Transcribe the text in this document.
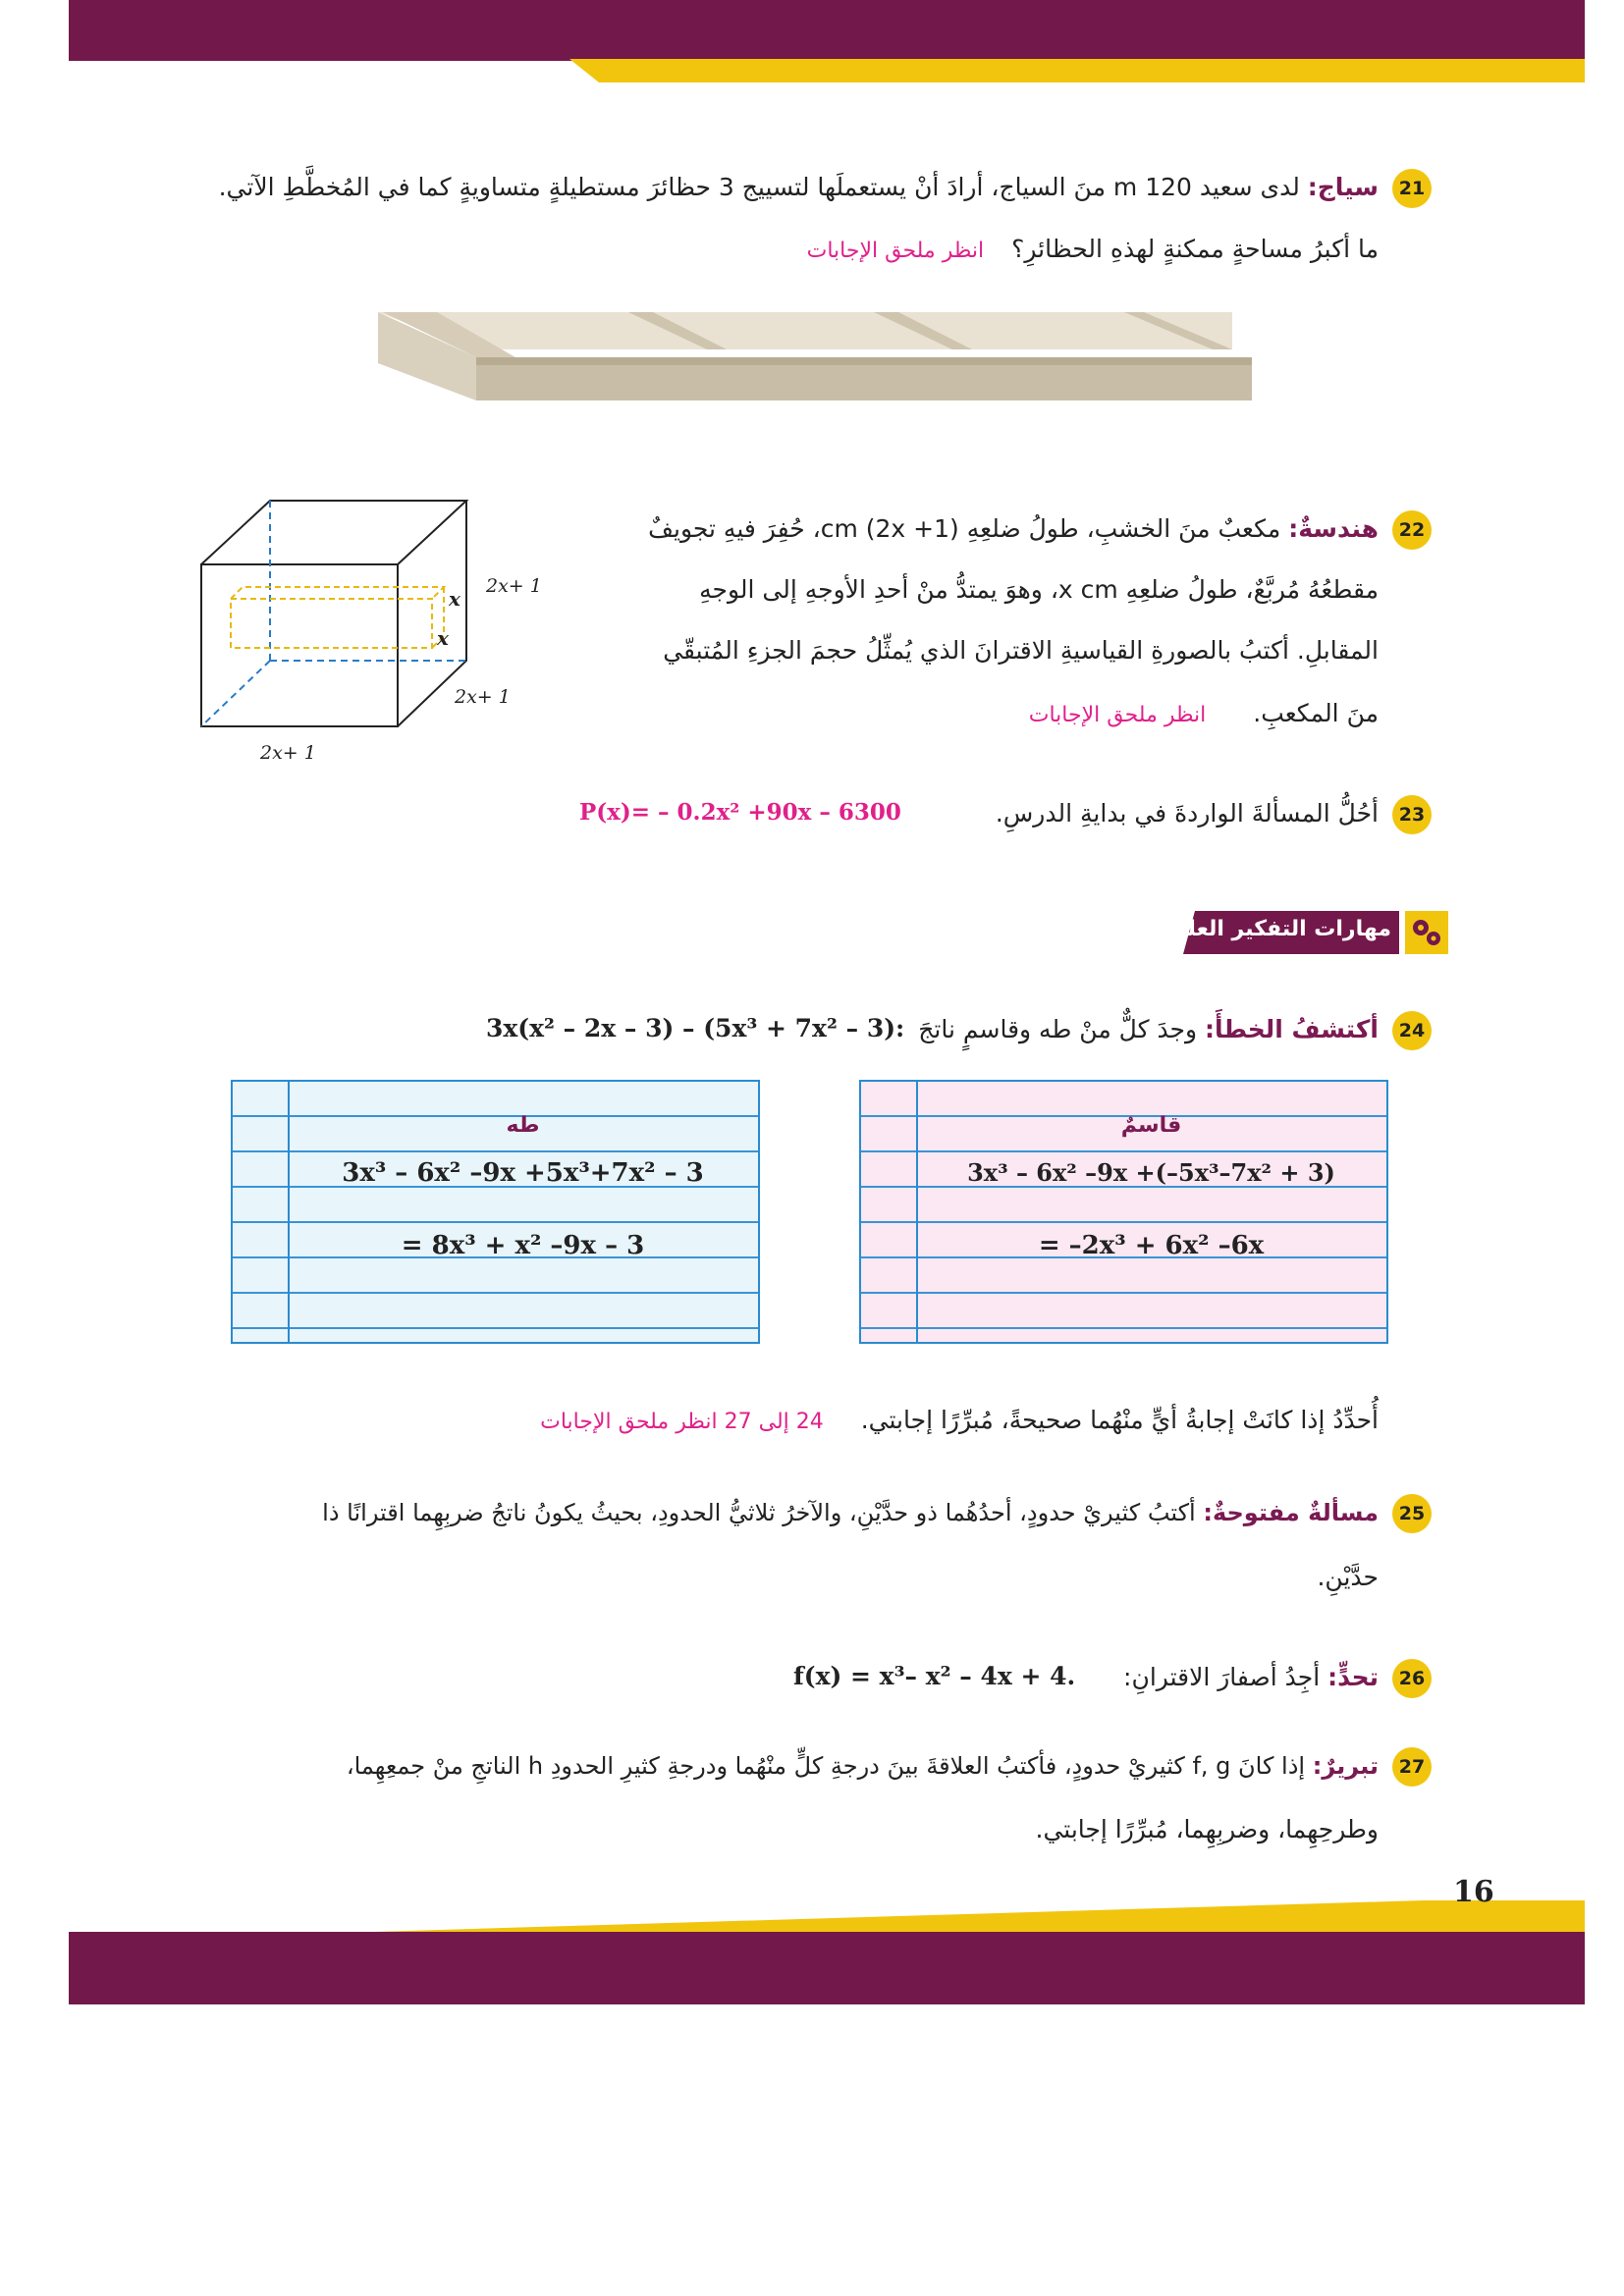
21
سياج: لدى سعيد 120 m منَ السياج، أرادَ أنْ يستعملَها لتسييج 3 حظائرَ مستطيلةٍ متساويةٍ كما في المُخطَّطِ الآتي.
ما أكبرُ مساحةٍ ممكنةٍ لهذهِ الحظائرِ؟ انظر ملحق الإجابات
22
هندسةٌ: مكعبٌ منَ الخشبِ، طولُ ضلعِهِ (2x +1) cm، حُفِرَ فيهِ تجويفٌ
مقطعُهُ مُربَّعٌ، طولُ ضلعِهِ x cm، وهوَ يمتدُّ منْ أحدِ الأوجهِ إلى الوجهِ
المقابلِ. أكتبُ بالصورةِ القياسيةِ الاقترانَ الذي يُمثِّلُ حجمَ الجزءِ المُتبقّي
منَ المكعبِ. انظر ملحق الإجابات
2x+ 1
x
x
2x+ 1
2x+ 1
23
أحُلُّ المسألةَ الواردةَ في بدايةِ الدرسِ.
P(x)= – 0.2x² +90x – 6300
مهارات التفكير العليا
24
أكتشفُ الخطأَ: وجدَ كلٌّ منْ طه وقاسمٍ ناتجَ
3x(x² – 2x – 3) – (5x³ + 7x² – 3):
طه
3x³ – 6x² –9x +5x³+7x² – 3
= 8x³ + x² –9x – 3
قاسمٌ
3x³ – 6x² –9x +(–5x³–7x² + 3)
= –2x³ + 6x² –6x
أُحدِّدُ إذا كانَتْ إجابةُ أيٍّ منْهُما صحيحةً، مُبرِّرًا إجابتي. 24 إلى 27 انظر ملحق الإجابات
25
مسألةٌ مفتوحةٌ: أكتبُ كثيريْ حدودٍ، أحدُهُما ذو حدَّيْنِ، والآخرُ ثلاثيُّ الحدودِ، بحيثُ يكونُ ناتجُ ضربِهِما اقترانًا ذا
حدَّيْنِ.
26
تحدٍّ: أجِدُ أصفارَ الاقترانِ:
f(x) = x³– x² – 4x + 4.
27
تبريرٌ: إذا كانَ f, g كثيريْ حدودٍ، فأكتبُ العلاقةَ بينَ درجةِ كلٍّ منْهُما ودرجةِ كثيرِ الحدودِ h الناتجِ منْ جمعِهِما،
وطرحِهِما، وضربِهِما، مُبرِّرًا إجابتي.
16
